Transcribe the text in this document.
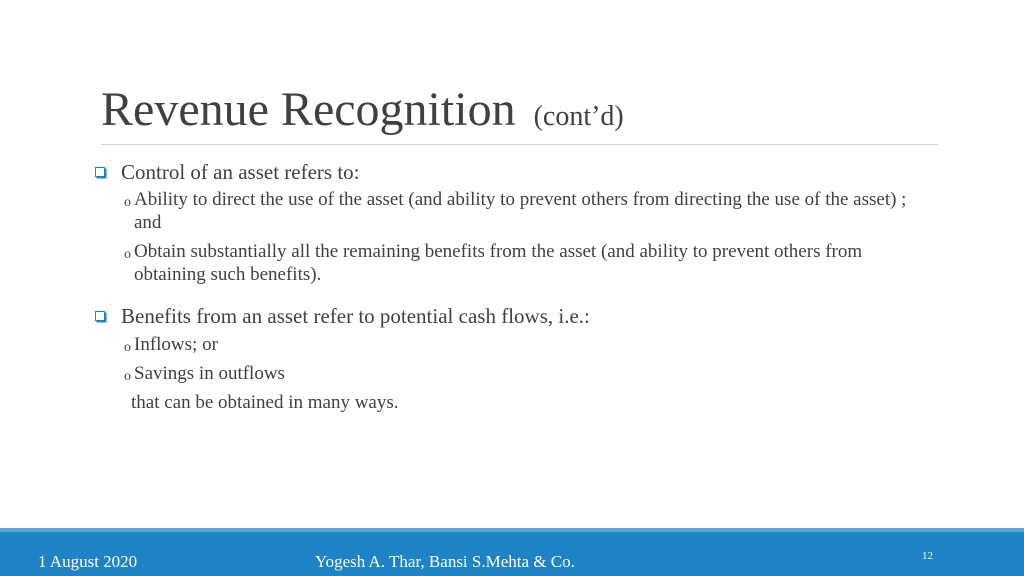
Revenue Recognition (cont’d)
Control of an asset refers to:
o Ability to direct the use of the asset (and ability to prevent others from directing the use of the asset) ; and
o Obtain substantially all the remaining benefits from the asset (and ability to prevent others from obtaining such benefits).
Benefits from an asset refer to potential cash flows, i.e.:
o Inflows; or
o Savings in outflows
that can be obtained in many ways.
1 August 2020	Yogesh A. Thar, Bansi S.Mehta & Co.	12
